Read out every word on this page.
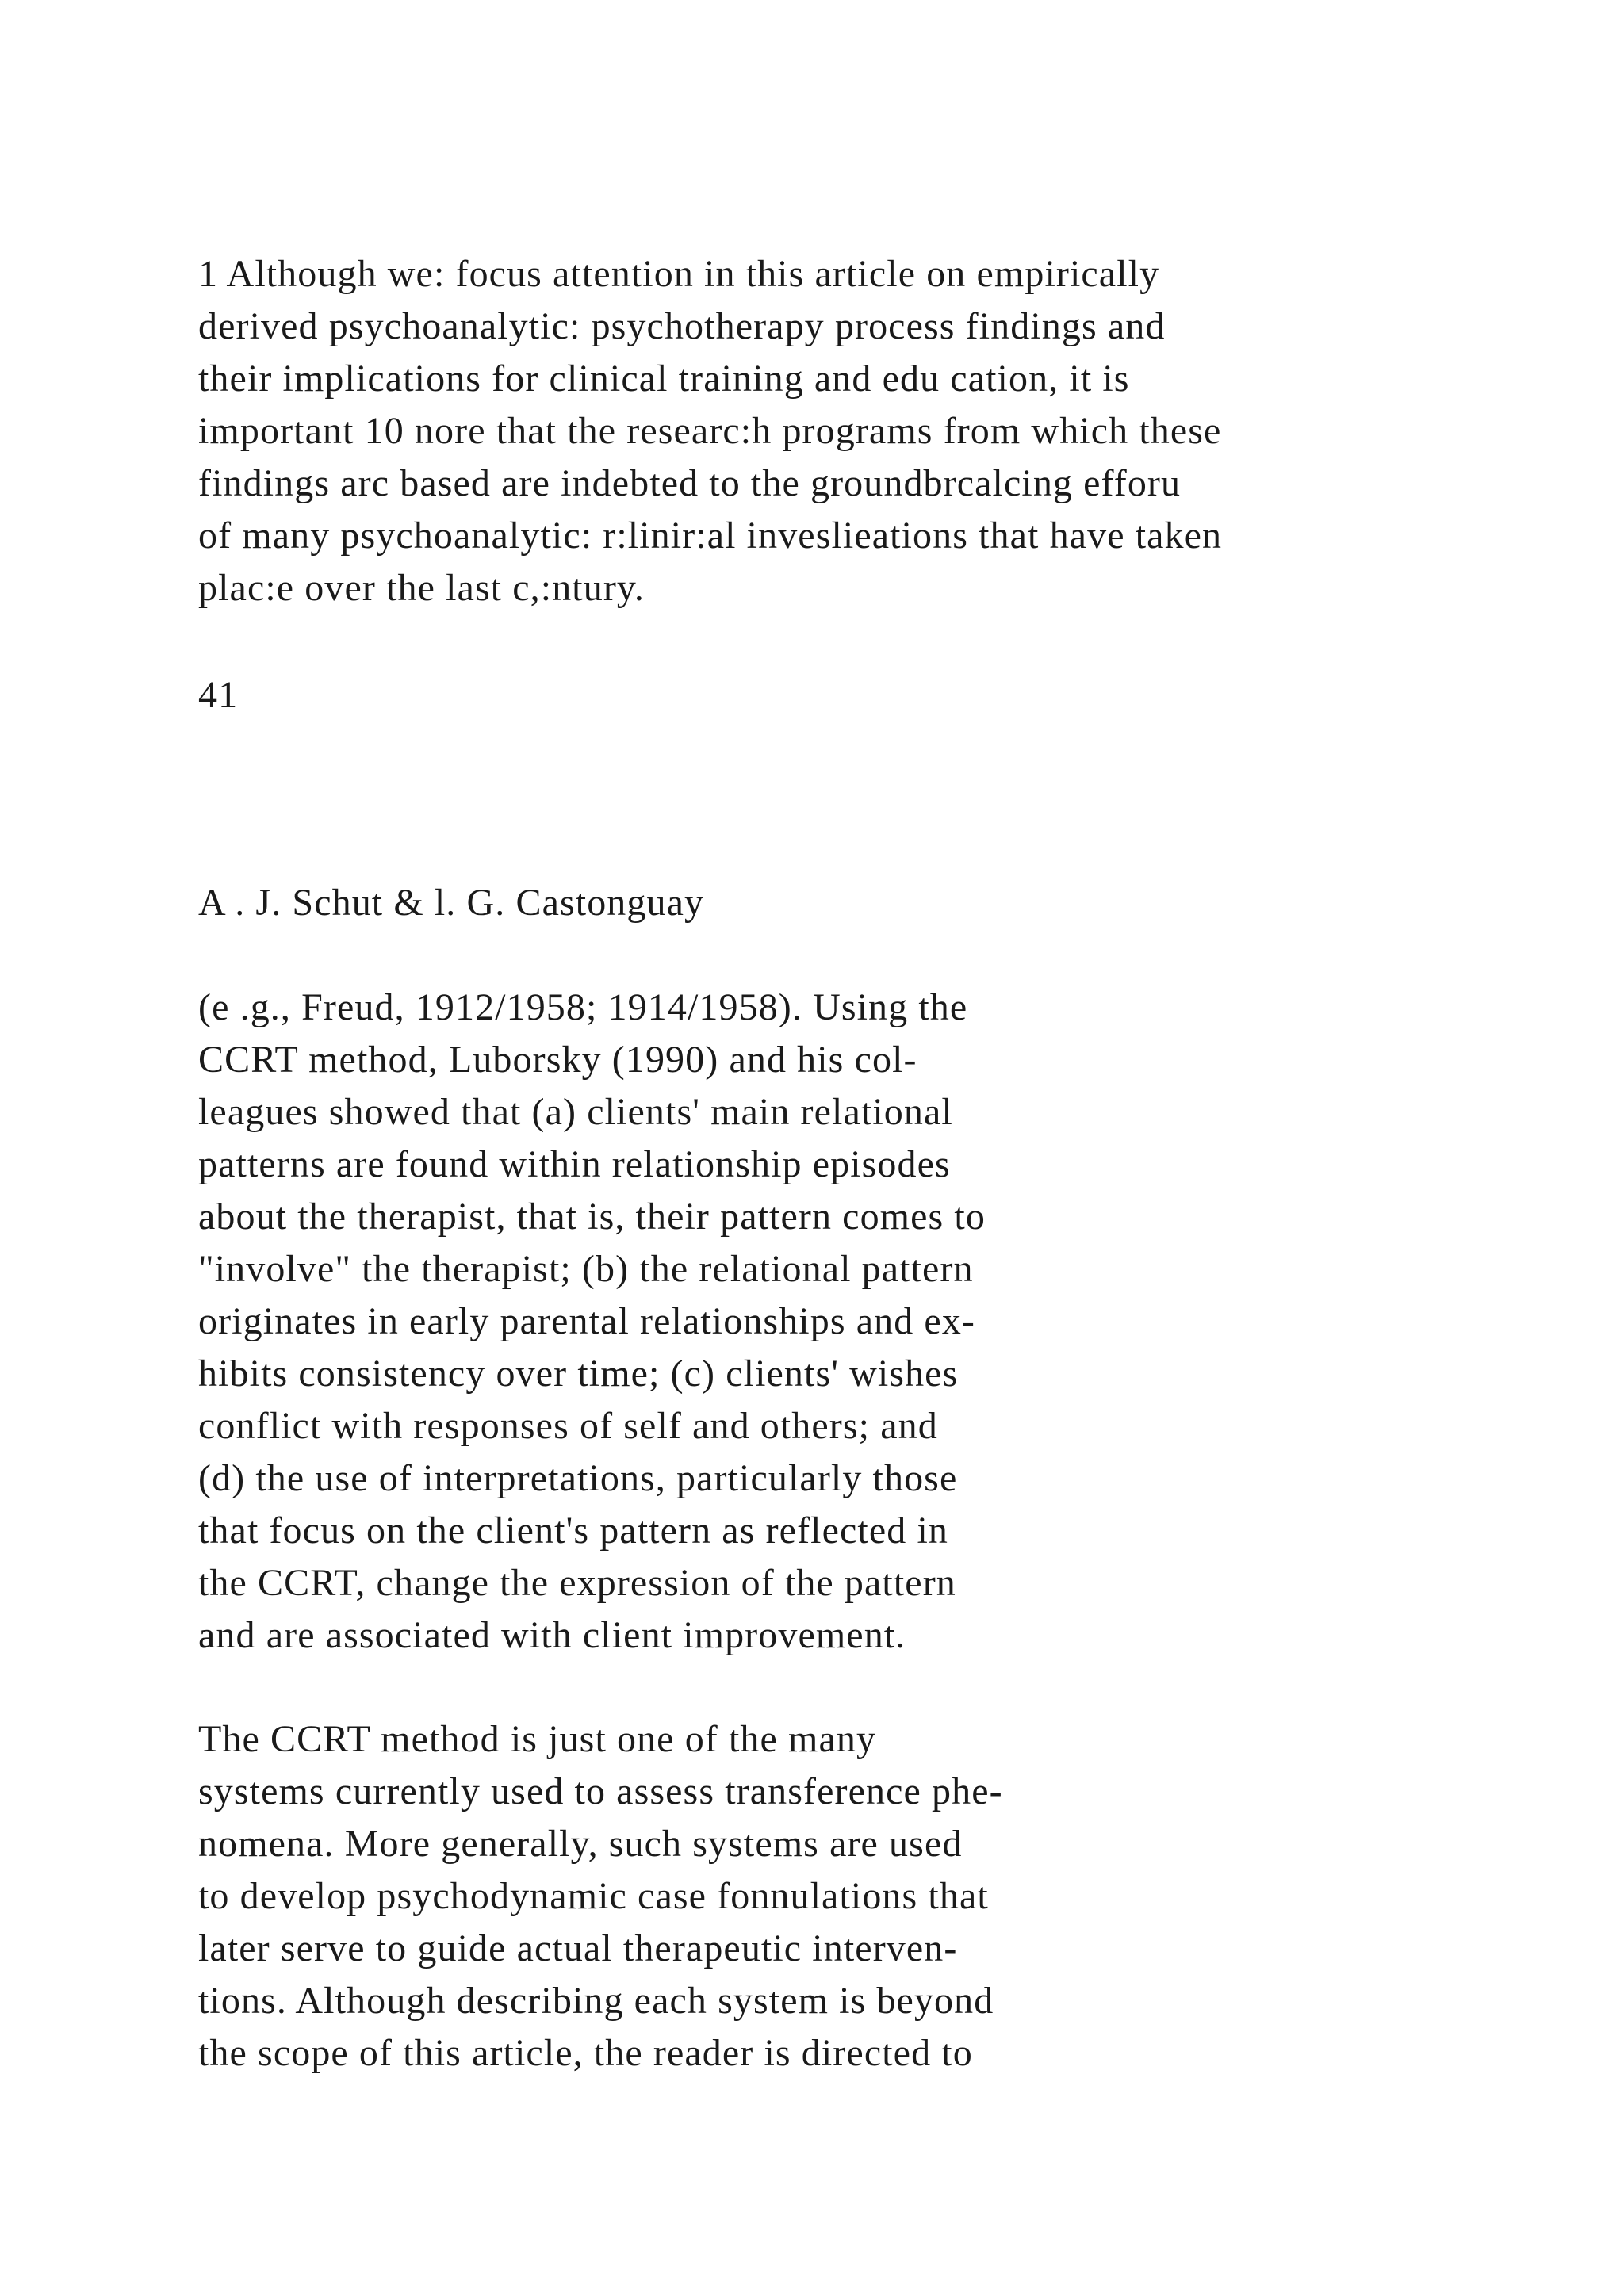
1 Although we: focus attention in this article on empirically
derived psychoanalytic: psychotherapy process findings and
their implications for clinical training and edu cation, it is
important 10 nore that the researc:h programs from which these
findings arc based are indebted to the groundbrcalcing efforu
of many psychoanalytic: r:linir:al inveslieations that have taken
plac:e over the last c,:ntury.
41
A . J. Schut & l. G. Castonguay
(e .g., Freud, 1912/1958; 1914/1958). Using the
CCRT method, Luborsky (1990) and his col-
leagues showed that (a) clients' main relational
patterns are found within relationship episodes
about the therapist, that is, their pattern comes to
"involve" the therapist; (b) the relational pattern
originates in early parental relationships and ex-
hibits consistency over time; (c) clients' wishes
conflict with responses of self and others; and
(d) the use of interpretations, particularly those
that focus on the client's pattern as reflected in
the CCRT, change the expression of the pattern
and are associated with client improvement.
The CCRT method is just one of the many
systems currently used to assess transference phe-
nomena. More generally, such systems are used
to develop psychodynamic case fonnulations that
later serve to guide actual therapeutic interven-
tions. Although describing each system is beyond
the scope of this article, the reader is directed to
